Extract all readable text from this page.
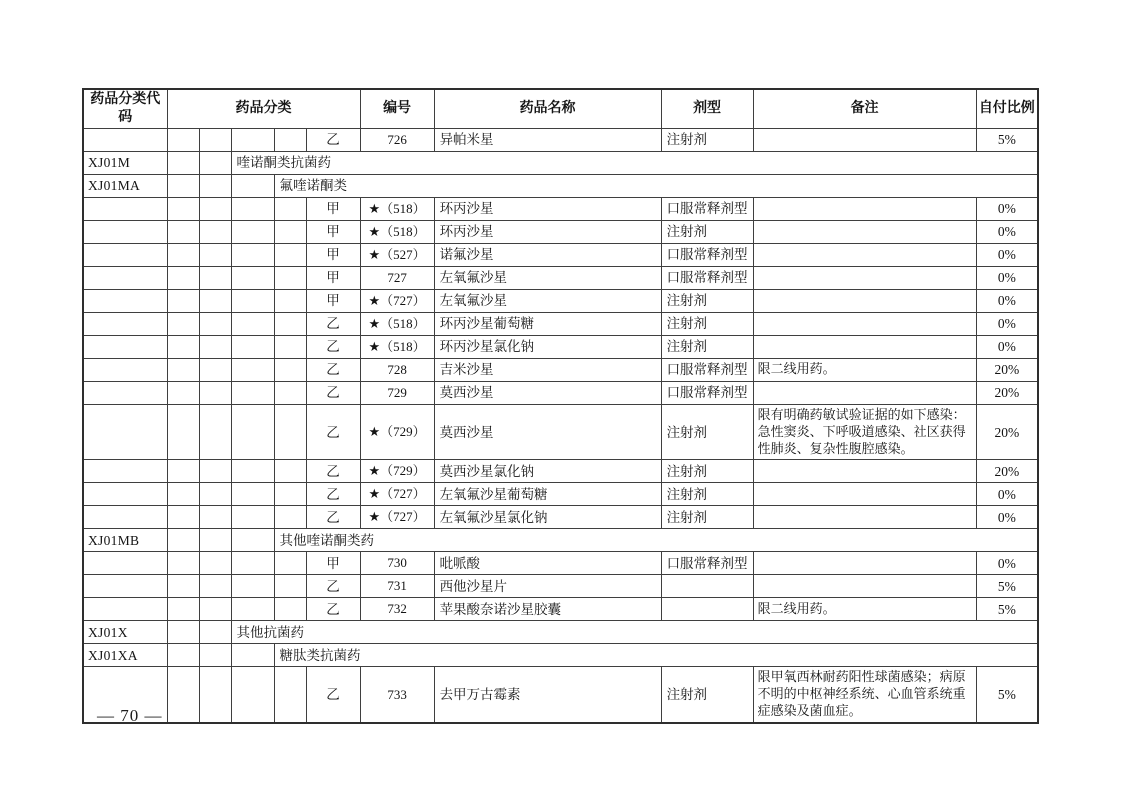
药品分类代码	药品分类					编号	药品名称	剂型	备注	自付比例
					乙	726	异帕米星	注射剂		5%
XJ01M			喹诺酮类抗菌药							
XJ01MA				氟喹诺酮类						
					甲	★（518）	环丙沙星	口服常释剂型		0%
					甲	★（518）	环丙沙星	注射剂		0%
					甲	★（527）	诺氟沙星	口服常释剂型		0%
					甲	727	左氧氟沙星	口服常释剂型		0%
					甲	★（727）	左氧氟沙星	注射剂		0%
					乙	★（518）	环丙沙星葡萄糖	注射剂		0%
					乙	★（518）	环丙沙星氯化钠	注射剂		0%
					乙	728	吉米沙星	口服常释剂型	限二线用药。	20%
					乙	729	莫西沙星	口服常释剂型		20%
					乙	★（729）	莫西沙星	注射剂	限有明确药敏试验证据的如下感染：急性窦炎、下呼吸道感染、社区获得性肺炎、复杂性腹腔感染。	20%
					乙	★（729）	莫西沙星氯化钠	注射剂		20%
					乙	★（727）	左氧氟沙星葡萄糖	注射剂		0%
					乙	★（727）	左氧氟沙星氯化钠	注射剂		0%
XJ01MB				其他喹诺酮类药						
					甲	730	吡哌酸	口服常释剂型		0%
					乙	731	西他沙星片			5%
					乙	732	苹果酸奈诺沙星胶囊		限二线用药。	5%
XJ01X			其他抗菌药							
XJ01XA				糖肽类抗菌药						
					乙	733	去甲万古霉素	注射剂	限甲氧西林耐药阳性球菌感染；病原不明的中枢神经系统、心血管系统重症感染及菌血症。	5%
— 70 —
